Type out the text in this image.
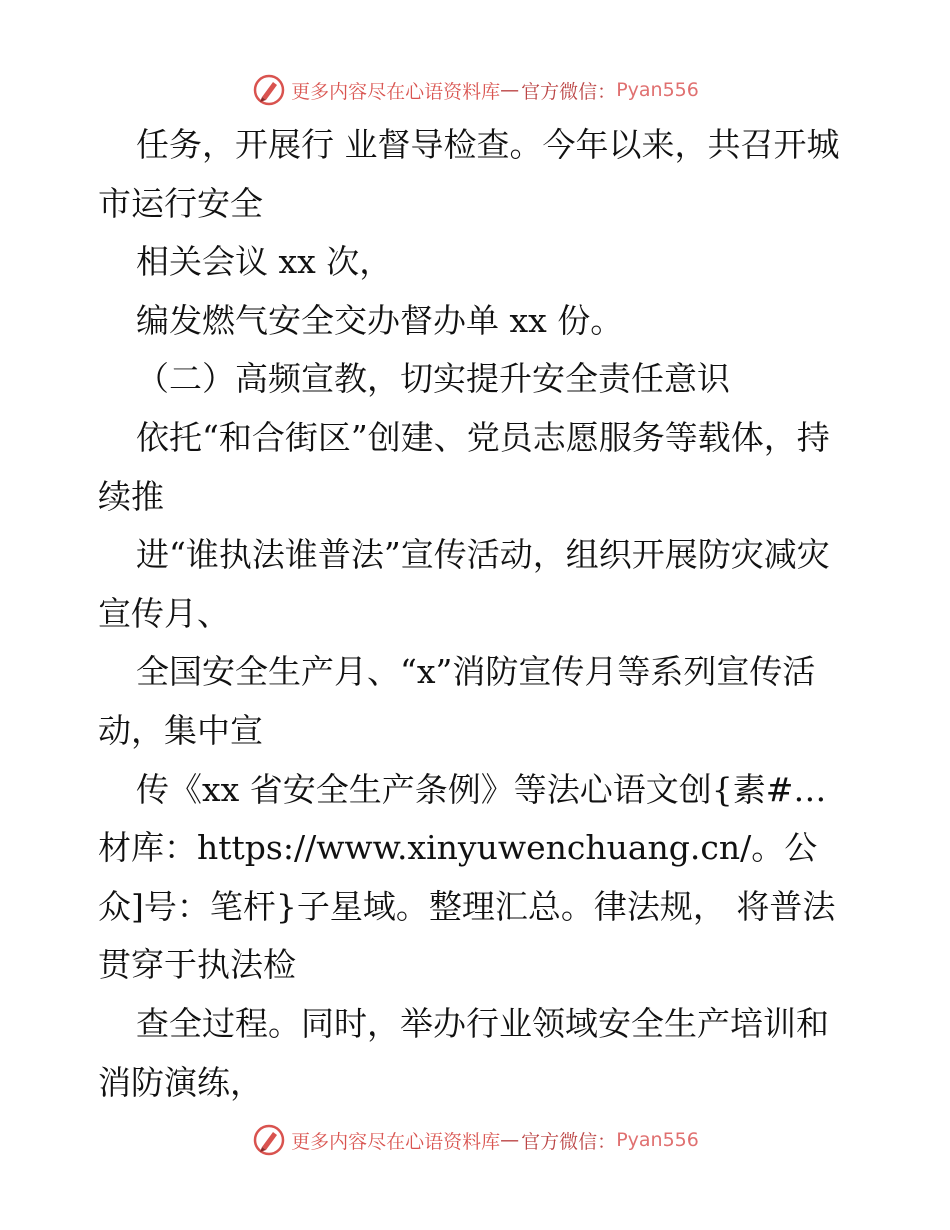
更多内容尽在心语资料库 — 官方微信： Pyan556

任务，开展行 业督导检查。今年以来，共召开城市运行安全

相关会议 xx 次，

编发燃气安全交办督办单 xx 份。

（二）高频宣教，切实提升安全责任意识

依托“和合街区”创建、党员志愿服务等载体，持续推

进“谁执法谁普法”宣传活动，组织开展防灾减灾宣传月、

全国安全生产月、“x”消防宣传月等系列宣传活动，集中宣

传《xx 省安全生产条例》等法心语文创{素#…材库：https://www.xinyuwenchuang.cn/。公众]号：笔杆}子星域。整理汇总。律法规， 将普法贯穿于执法检

查全过程。同时，举办行业领域安全生产培训和消防演练，

更多内容尽在心语资料库 — 官方微信： Pyan556
